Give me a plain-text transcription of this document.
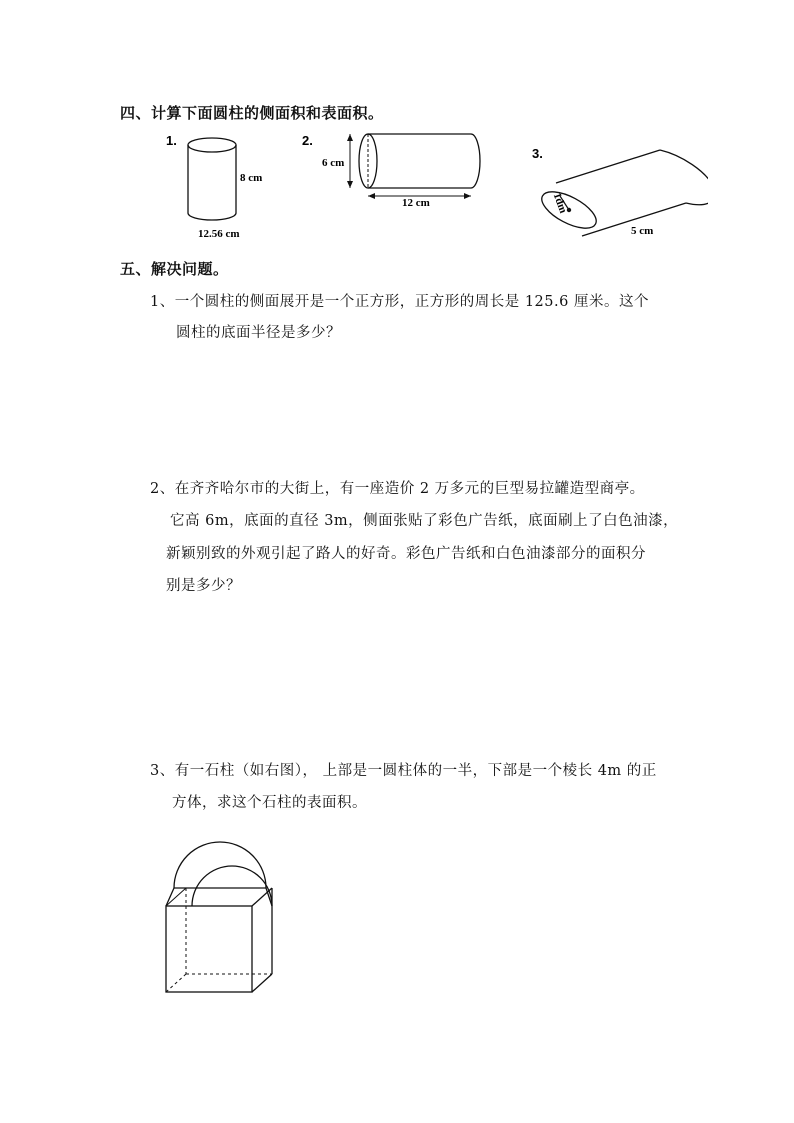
四、计算下面圆柱的侧面积和表面积。
1.
8 cm
12.56 cm
2.
6 cm
12 cm
3.
1dm
5 cm
五、解决问题。
1、一个圆柱的侧面展开是一个正方形，正方形的周长是 125.6 厘米。这个
圆柱的底面半径是多少？
2、在齐齐哈尔市的大街上，有一座造价 2 万多元的巨型易拉罐造型商亭。
它高 6m，底面的直径 3m，侧面张贴了彩色广告纸，底面刷上了白色油漆，
新颖别致的外观引起了路人的好奇。彩色广告纸和白色油漆部分的面积分
别是多少？
3、有一石柱（如右图）， 上部是一圆柱体的一半，下部是一个棱长 4m 的正
方体，求这个石柱的表面积。
